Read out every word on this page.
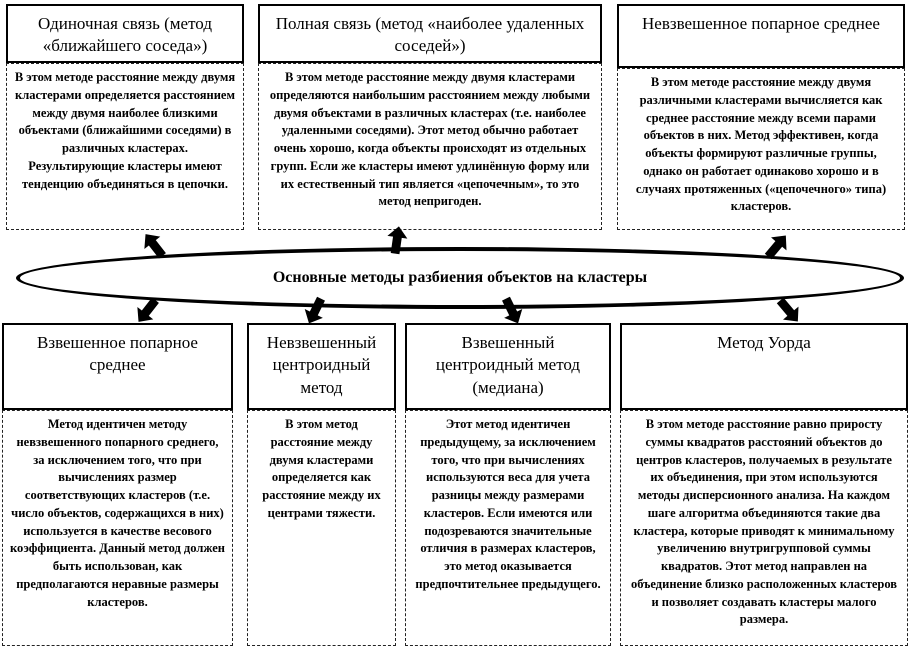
Одиночная связь (метод «ближайшего соседа»)
В этом методе расстояние между двумя кластерами определяется расстоянием между двумя наиболее близкими объектами (ближайшими соседями) в различных кластерах. Результирующие кластеры имеют тенденцию объединяться в цепочки.
Полная связь (метод «наиболее удаленных соседей»)
В этом методе расстояние между двумя кластерами определяются наибольшим расстоянием между любыми двумя объектами в различных кластерах (т.е. наиболее удаленными соседями). Этот метод обычно работает очень хорошо, когда объекты происходят из отдельных групп. Если же кластеры имеют удлинённую форму или их естественный тип является «цепочечным», то это метод непригоден.
Невзвешенное попарное среднее
В этом методе расстояние между двумя различными кластерами вычисляется как среднее расстояние между всеми парами объектов в них. Метод эффективен, когда объекты формируют различные группы, однако он работает одинаково хорошо и в случаях протяженных («цепочечного» типа) кластеров.
Основные методы разбиения объектов на кластеры
Взвешенное попарное среднее
Метод идентичен методу невзвешенного попарного среднего, за исключением того, что при вычислениях размер соответствующих кластеров (т.е. число объектов, содержащихся в них) используется в качестве весового коэффициента. Данный метод должен быть использован, как предполагаются неравные размеры кластеров.
Невзвешенный центроидный метод
В этом метод расстояние между двумя кластерами определяется как расстояние между их центрами тяжести.
Взвешенный центроидный метод (медиана)
Этот метод идентичен предыдущему, за исключением того, что при вычислениях используются веса для учета разницы между размерами кластеров. Если имеются или подозреваются значительные отличия в размерах кластеров, это метод оказывается предпочтительнее предыдущего.
Метод Уорда
В этом методе расстояние равно приросту суммы квадратов расстояний объектов до центров кластеров, получаемых в результате их объединения, при этом используются методы дисперсионного анализа. На каждом шаге алгоритма объединяются такие два кластера, которые приводят к минимальному увеличению внутригрупповой суммы квадратов. Этот метод направлен на объединение близко расположенных кластеров и позволяет создавать кластеры малого размера.
